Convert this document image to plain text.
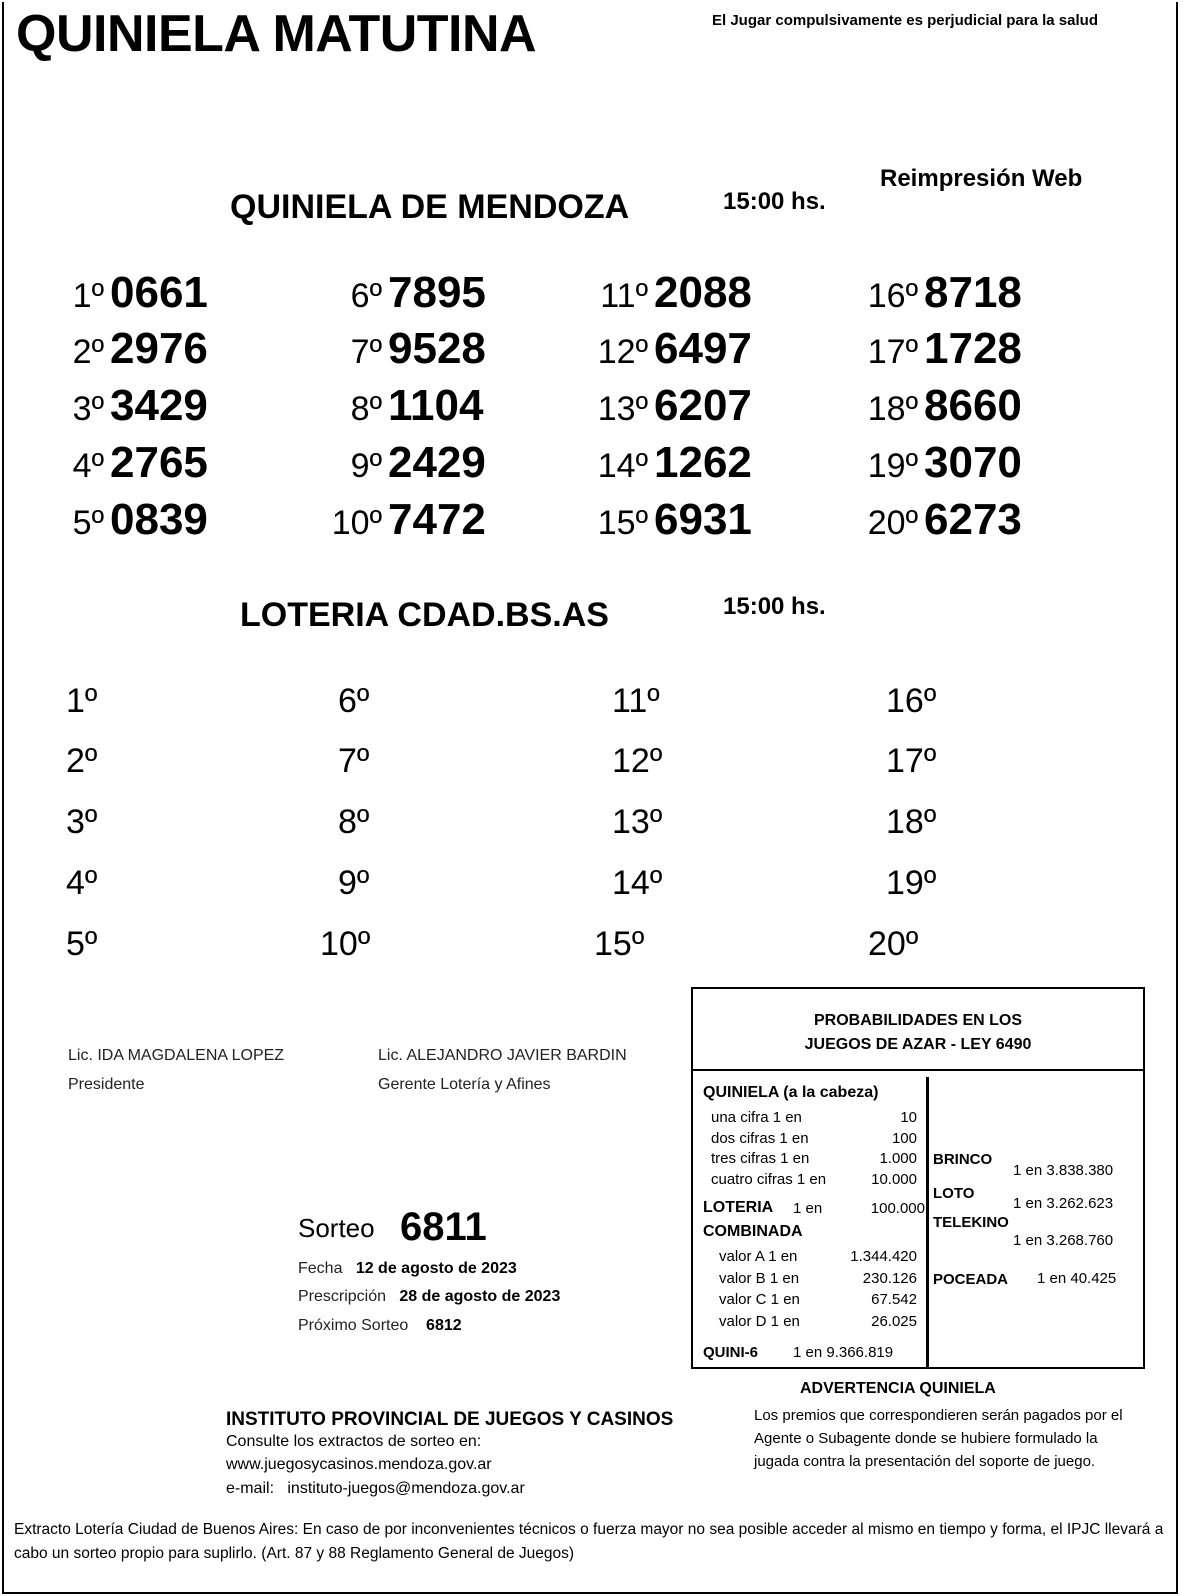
QUINIELA MATUTINA	El Jugar compulsivamente es perjudicial para la salud
Reimpresión Web
QUINIELA DE MENDOZA	15:00 hs.
1º 0661
2º 2976
3º 3429
4º 2765
5º 0839
6º 7895
7º 9528
8º 1104
9º 2429
10º 7472
11º 2088
12º 6497
13º 6207
14º 1262
15º 6931
16º 8718
17º 1728
18º 8660
19º 3070
20º 6273
LOTERIA CDAD.BS.AS	15:00 hs.
1º
2º
3º
4º
5º
6º
7º
8º
9º
10º
11º
12º
13º
14º
15º
16º
17º
18º
19º
20º
Lic. IDA MAGDALENA LOPEZ
Presidente
Lic. ALEJANDRO JAVIER BARDIN
Gerente Lotería y Afines
Sorteo 6811
Fecha 12 de agosto de 2023
Prescripción 28 de agosto de 2023
Próximo Sorteo 6812
PROBABILIDADES EN LOS
JUEGOS DE AZAR - LEY 6490
QUINIELA (a la cabeza)
una cifra 1 en	10
dos cifras 1 en	100
tres cifras 1 en	1.000
cuatro cifras 1 en	10.000
LOTERIA 1 en	100.000
COMBINADA
valor A 1 en	1.344.420
valor B 1 en	230.126
valor C 1 en	67.542
valor D 1 en	26.025
QUINI-6 1 en 9.366.819
BRINCO
1 en 3.838.380
LOTO
1 en 3.262.623
TELEKINO
1 en 3.268.760
POCEADA 1 en 40.425
ADVERTENCIA QUINIELA
Los premios que correspondieren serán pagados por el Agente o Subagente donde se hubiere formulado la jugada contra la presentación del soporte de juego.
INSTITUTO PROVINCIAL DE JUEGOS Y CASINOS
Consulte los extractos de sorteo en:
www.juegosycasinos.mendoza.gov.ar
e-mail: instituto-juegos@mendoza.gov.ar
Extracto Lotería Ciudad de Buenos Aires: En caso de por inconvenientes técnicos o fuerza mayor no sea posible acceder al mismo en tiempo y forma, el IPJC llevará a cabo un sorteo propio para suplirlo. (Art. 87 y 88 Reglamento General de Juegos)
